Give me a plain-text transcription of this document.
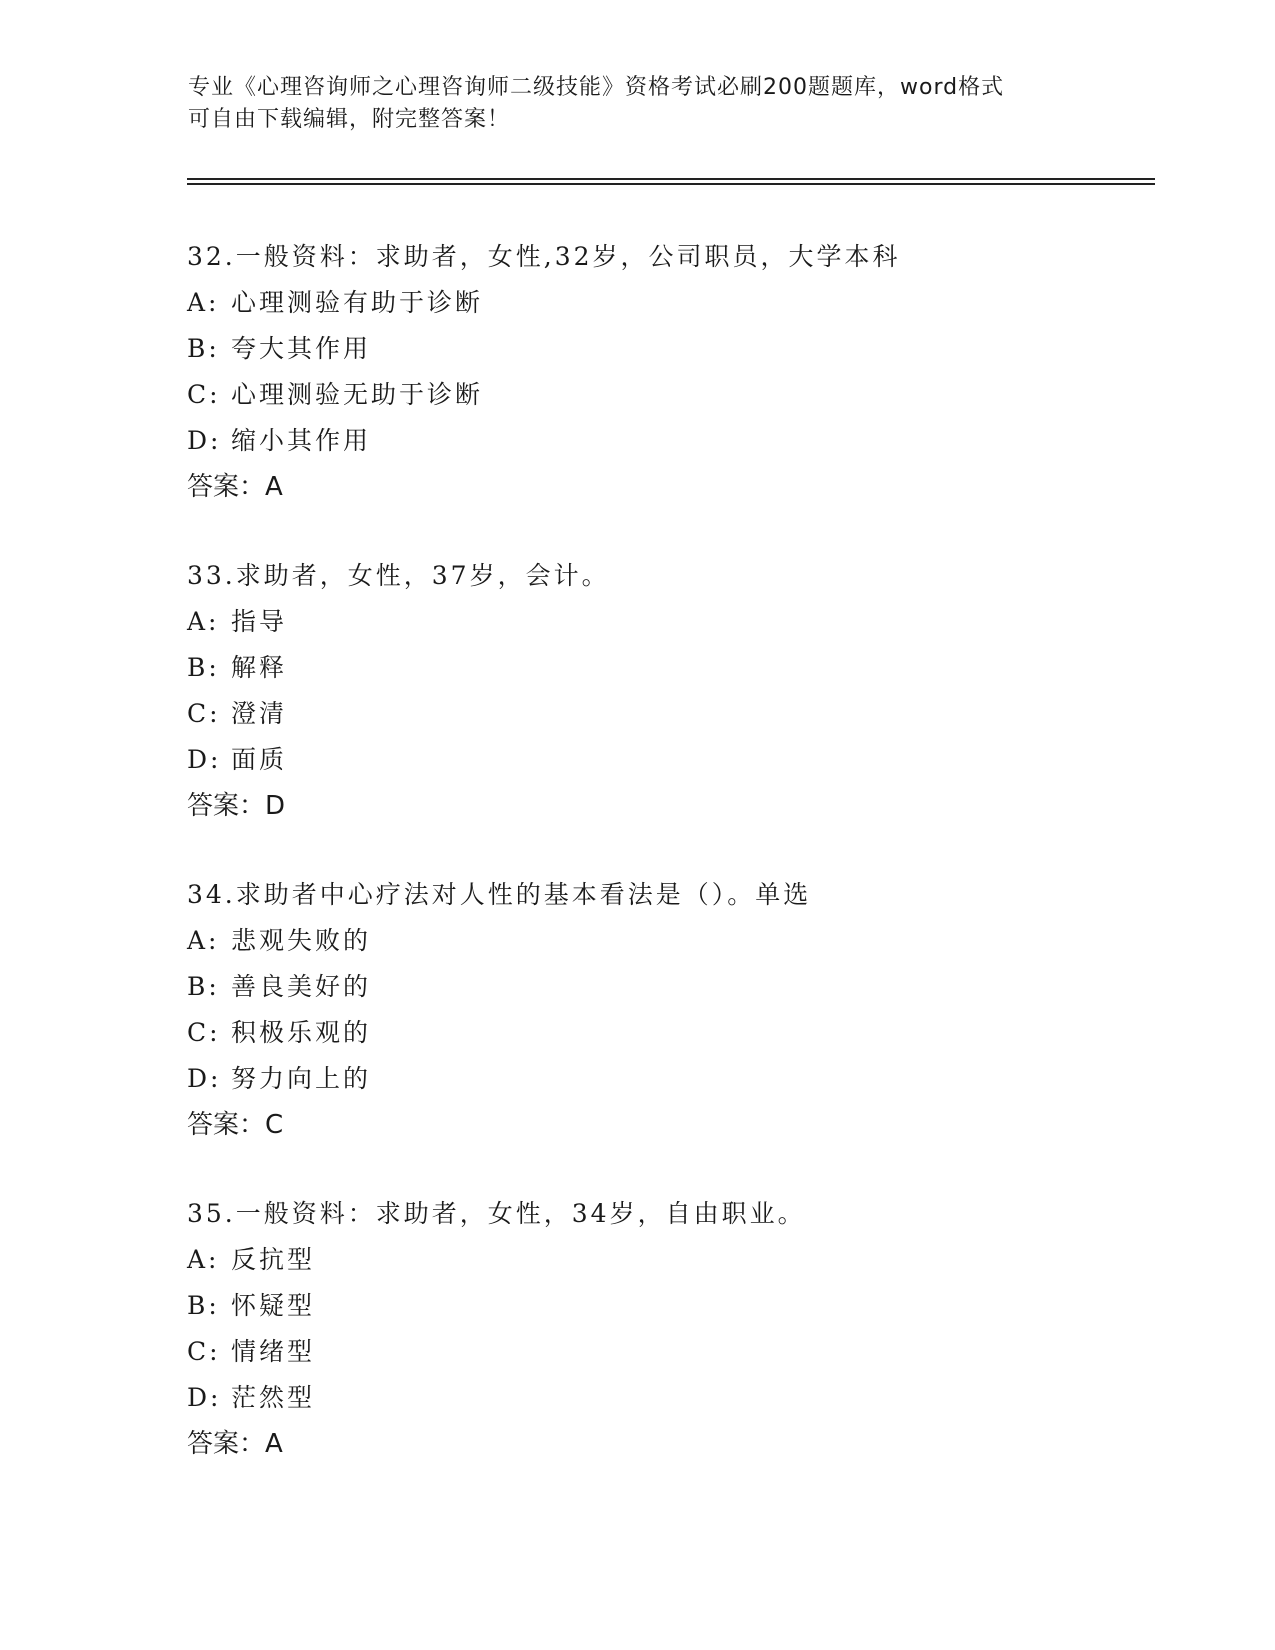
专业《心理咨询师之心理咨询师二级技能》资格考试必刷200题题库，word格式
可自由下载编辑，附完整答案！
32.一般资料：求助者，女性,32岁，公司职员，大学本科
A: 心理测验有助于诊断
B: 夸大其作用
C: 心理测验无助于诊断
D: 缩小其作用
答案：A
33.求助者，女性，37岁，会计。
A: 指导
B: 解释
C: 澄清
D: 面质
答案：D
34.求助者中心疗法对人性的基本看法是（）。单选
A: 悲观失败的
B: 善良美好的
C: 积极乐观的
D: 努力向上的
答案：C
35.一般资料：求助者，女性，34岁，自由职业。
A: 反抗型
B: 怀疑型
C: 情绪型
D: 茫然型
答案：A
